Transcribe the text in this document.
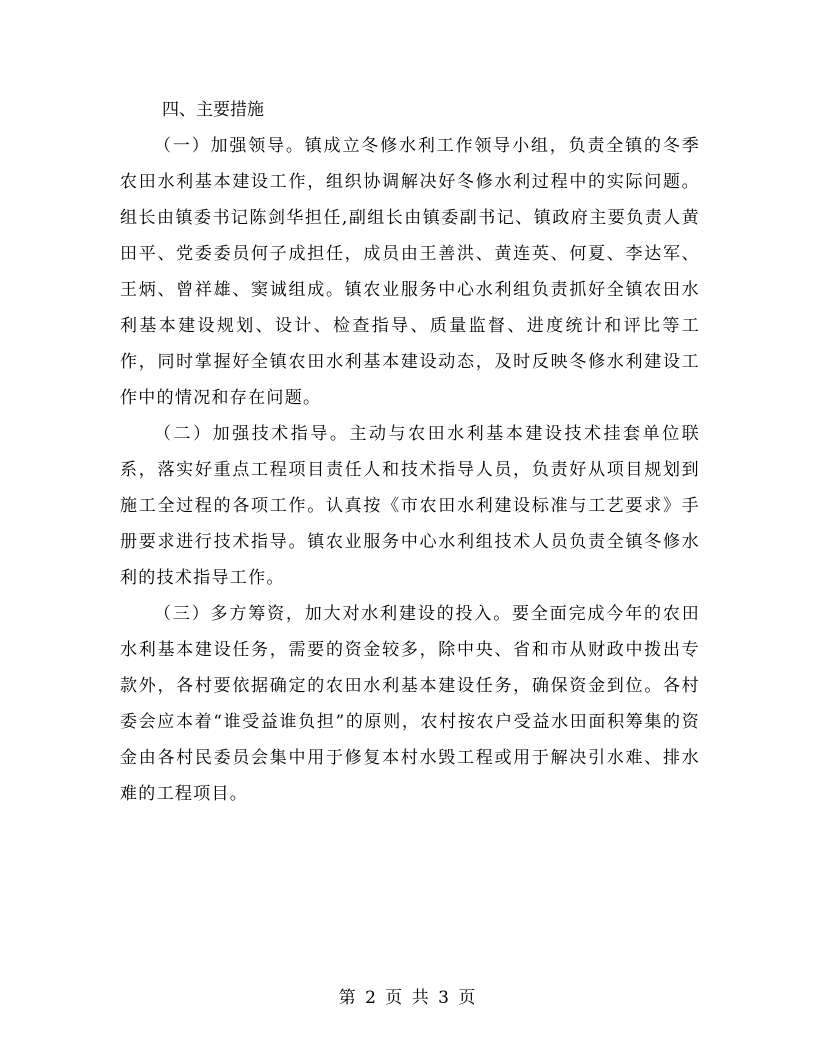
四、主要措施

（一）加强领导。镇成立冬修水利工作领导小组，负责全镇的冬季农田水利基本建设工作，组织协调解决好冬修水利过程中的实际问题。组长由镇委书记陈剑华担任,副组长由镇委副书记、镇政府主要负责人黄田平、党委委员何子成担任，成员由王善洪、黄连英、何夏、李达军、王炳、曾祥雄、窦诚组成。镇农业服务中心水利组负责抓好全镇农田水利基本建设规划、设计、检查指导、质量监督、进度统计和评比等工作，同时掌握好全镇农田水利基本建设动态，及时反映冬修水利建设工作中的情况和存在问题。

（二）加强技术指导。主动与农田水利基本建设技术挂套单位联系，落实好重点工程项目责任人和技术指导人员，负责好从项目规划到施工全过程的各项工作。认真按《市农田水利建设标准与工艺要求》手册要求进行技术指导。镇农业服务中心水利组技术人员负责全镇冬修水利的技术指导工作。

（三）多方筹资，加大对水利建设的投入。要全面完成今年的农田水利基本建设任务，需要的资金较多，除中央、省和市从财政中拨出专款外，各村要依据确定的农田水利基本建设任务，确保资金到位。各村委会应本着“谁受益谁负担”的原则，农村按农户受益水田面积筹集的资金由各村民委员会集中用于修复本村水毁工程或用于解决引水难、排水难的工程项目。

第 2 页 共 3 页
